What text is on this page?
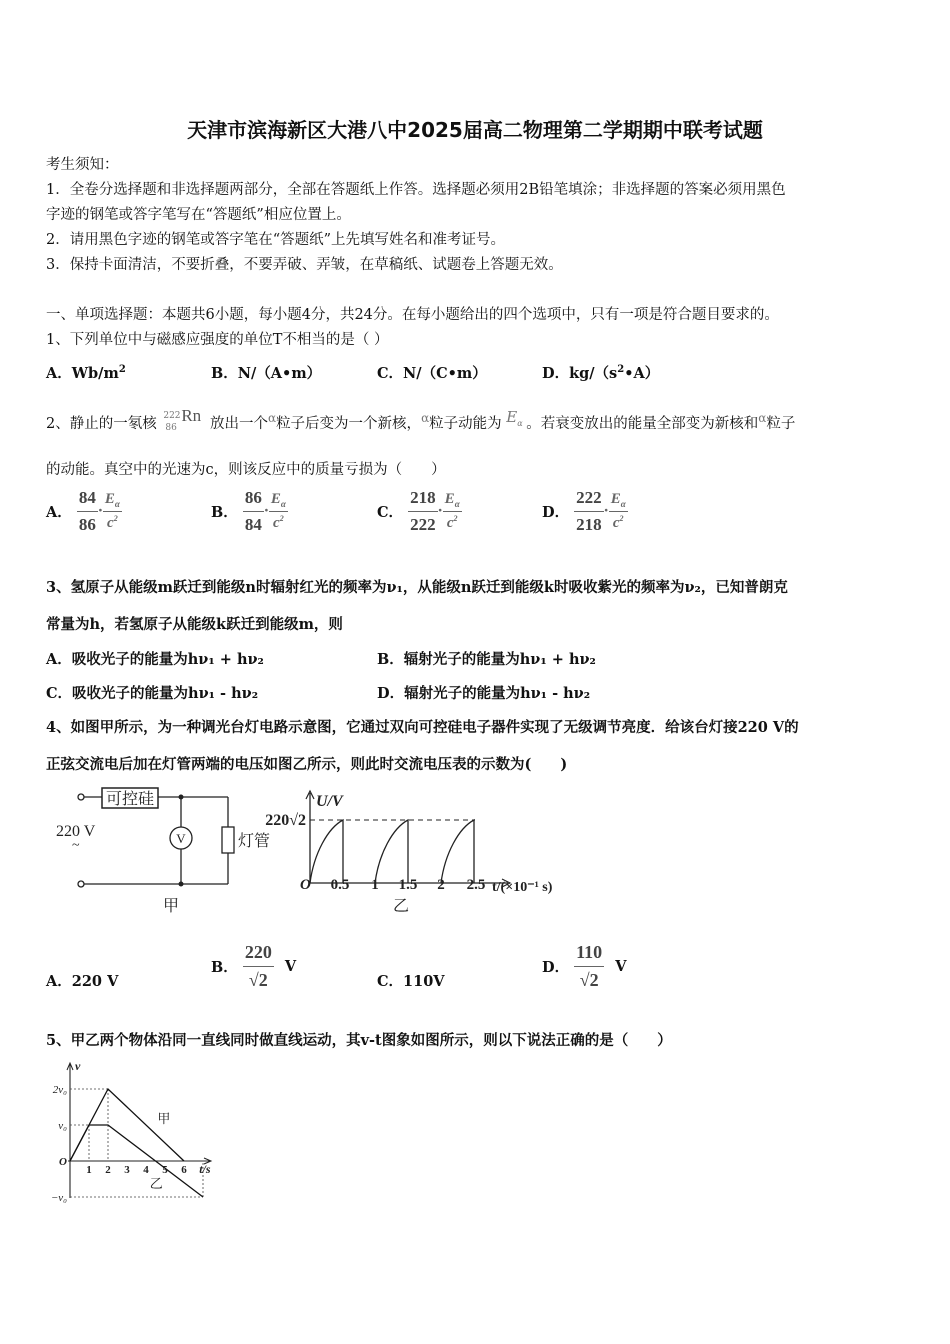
天津市滨海新区大港八中2025届高二物理第二学期期中联考试题
考生须知：
1．全卷分选择题和非选择题两部分，全部在答题纸上作答。选择题必须用2B铅笔填涂；非选择题的答案必须用黑色
字迹的钢笔或答字笔写在“答题纸”相应位置上。
2．请用黑色字迹的钢笔或答字笔在“答题纸”上先填写姓名和准考证号。
3．保持卡面清洁，不要折叠，不要弄破、弄皱，在草稿纸、试题卷上答题无效。
一、单项选择题：本题共6小题，每小题4分，共24分。在每小题给出的四个选项中，只有一项是符合题目要求的。
1、下列单位中与磁感应强度的单位T不相当的是（ ）
A．$Wb/m^2$	B．N/（A•m）	C．N/（C•m）	D．$kg/(s^2•A)$
2、静止的一氡核 222
86
Rn 放出一个$^\alpha$粒子后变为一个新核，$^\alpha$粒子动能为 $E_\alpha$ 。若衰变放出的能量全部变为新核和$^\alpha$粒子
的动能。真空中的光速为c，则该反应中的质量亏损为（　　）
A． $\frac{84}{86} \cdot \frac{E_\alpha}{c^2}$	B． $\frac{86}{84} \cdot \frac{E_\alpha}{c^2}$	C． $\frac{218}{222} \cdot \frac{E_\alpha}{c^2}$	D． $\frac{222}{218} \cdot \frac{E_\alpha}{c^2}$
3、氢原子从能级m跃迁到能级n时辐射红光的频率为ν₁，从能级n跃迁到能级k时吸收紫光的频率为ν₂，已知普朗克
常量为h，若氢原子从能级k跃迁到能级m，则
A．吸收光子的能量为hν₁ + hν₂	B．辐射光子的能量为hν₁ + hν₂
C．吸收光子的能量为hν₁ - hν₂	D．辐射光子的能量为hν₁ - hν₂
4、如图甲所示，为一种调光台灯电路示意图，它通过双向可控硅电子器件实现了无级调节亮度．给该台灯接220 V的
正弦交流电后加在灯管两端的电压如图乙所示，则此时交流电压表的示数为(　　)
可控硅
V	灯管
220 V
~
甲
U/V
220√2
O 0.5 1 1.5 2 2.5 t/(×10⁻¹ s)
乙
A．220 V
B． $\frac{220}{√2}$ V
C．110V
D． $\frac{110}{√2}$ V
5、甲乙两个物体沿同一直线同时做直线运动，其v-t图象如图所示，则以下说法正确的是（　　）
甲
乙
1 2 3 4 5 6
2v₀
v₀
O
−v₀
t/s
v
